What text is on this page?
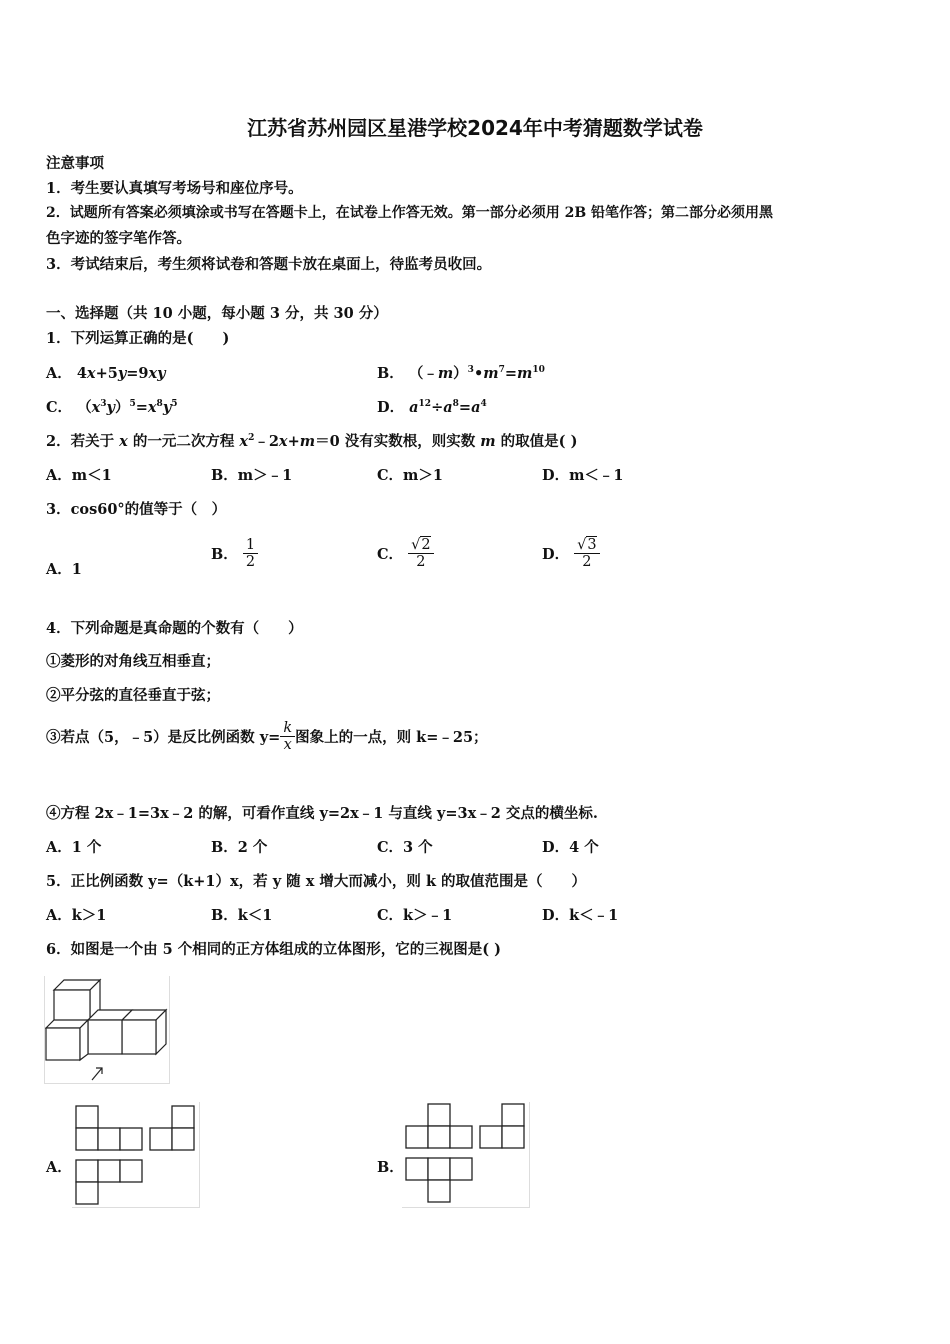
江苏省苏州园区星港学校2024年中考猜题数学试卷
注意事项
1．考生要认真填写考场号和座位序号。
2．试题所有答案必须填涂或书写在答题卡上，在试卷上作答无效。第一部分必须用 2B 铅笔作答；第二部分必须用黑
色字迹的签字笔作答。
3．考试结束后，考生须将试卷和答题卡放在桌面上，待监考员收回。
一、选择题（共 10 小题，每小题 3 分，共 30 分）
1．下列运算正确的是(　　)
A． 4x+5y=9xy	B． $(﹣m)^3•m^7=m^{10}$
C． $(x^3y)^5=x^8y^5$	D． $a^{12}\div a^8=a^4$
2．若关于 x 的一元二次方程 $x^2﹣2x+m=0$ 没有实数根，则实数 m 的取值是( )
A．m＜1	B．m＞﹣1	C．m＞1	D．m＜﹣1
3．cos60°的值等于（　）
A．1
B． $\frac{1}{2}$	C． $\frac{√2}{2}$	D． $\frac{√3}{2}$
4．下列命题是真命题的个数有（　　）
①菱形的对角线互相垂直；
②平分弦的直径垂直于弦；
③若点（5，﹣5）是反比例函数 $y= \frac{k}{x}$ 图象上的一点，则 k=﹣25；
④方程 2x﹣1=3x﹣2 的解，可看作直线 y=2x﹣1 与直线 y=3x﹣2 交点的横坐标.
A．1 个	B．2 个	C．3 个	D．4 个
5．正比例函数 y=（k+1）x，若 y 随 x 增大而减小，则 k 的取值范围是（　　）
A．k＞1	B．k＜1	C．k＞﹣1	D．k＜﹣1
6．如图是一个由 5 个相同的正方体组成的立体图形，它的三视图是( )
A．	B．
